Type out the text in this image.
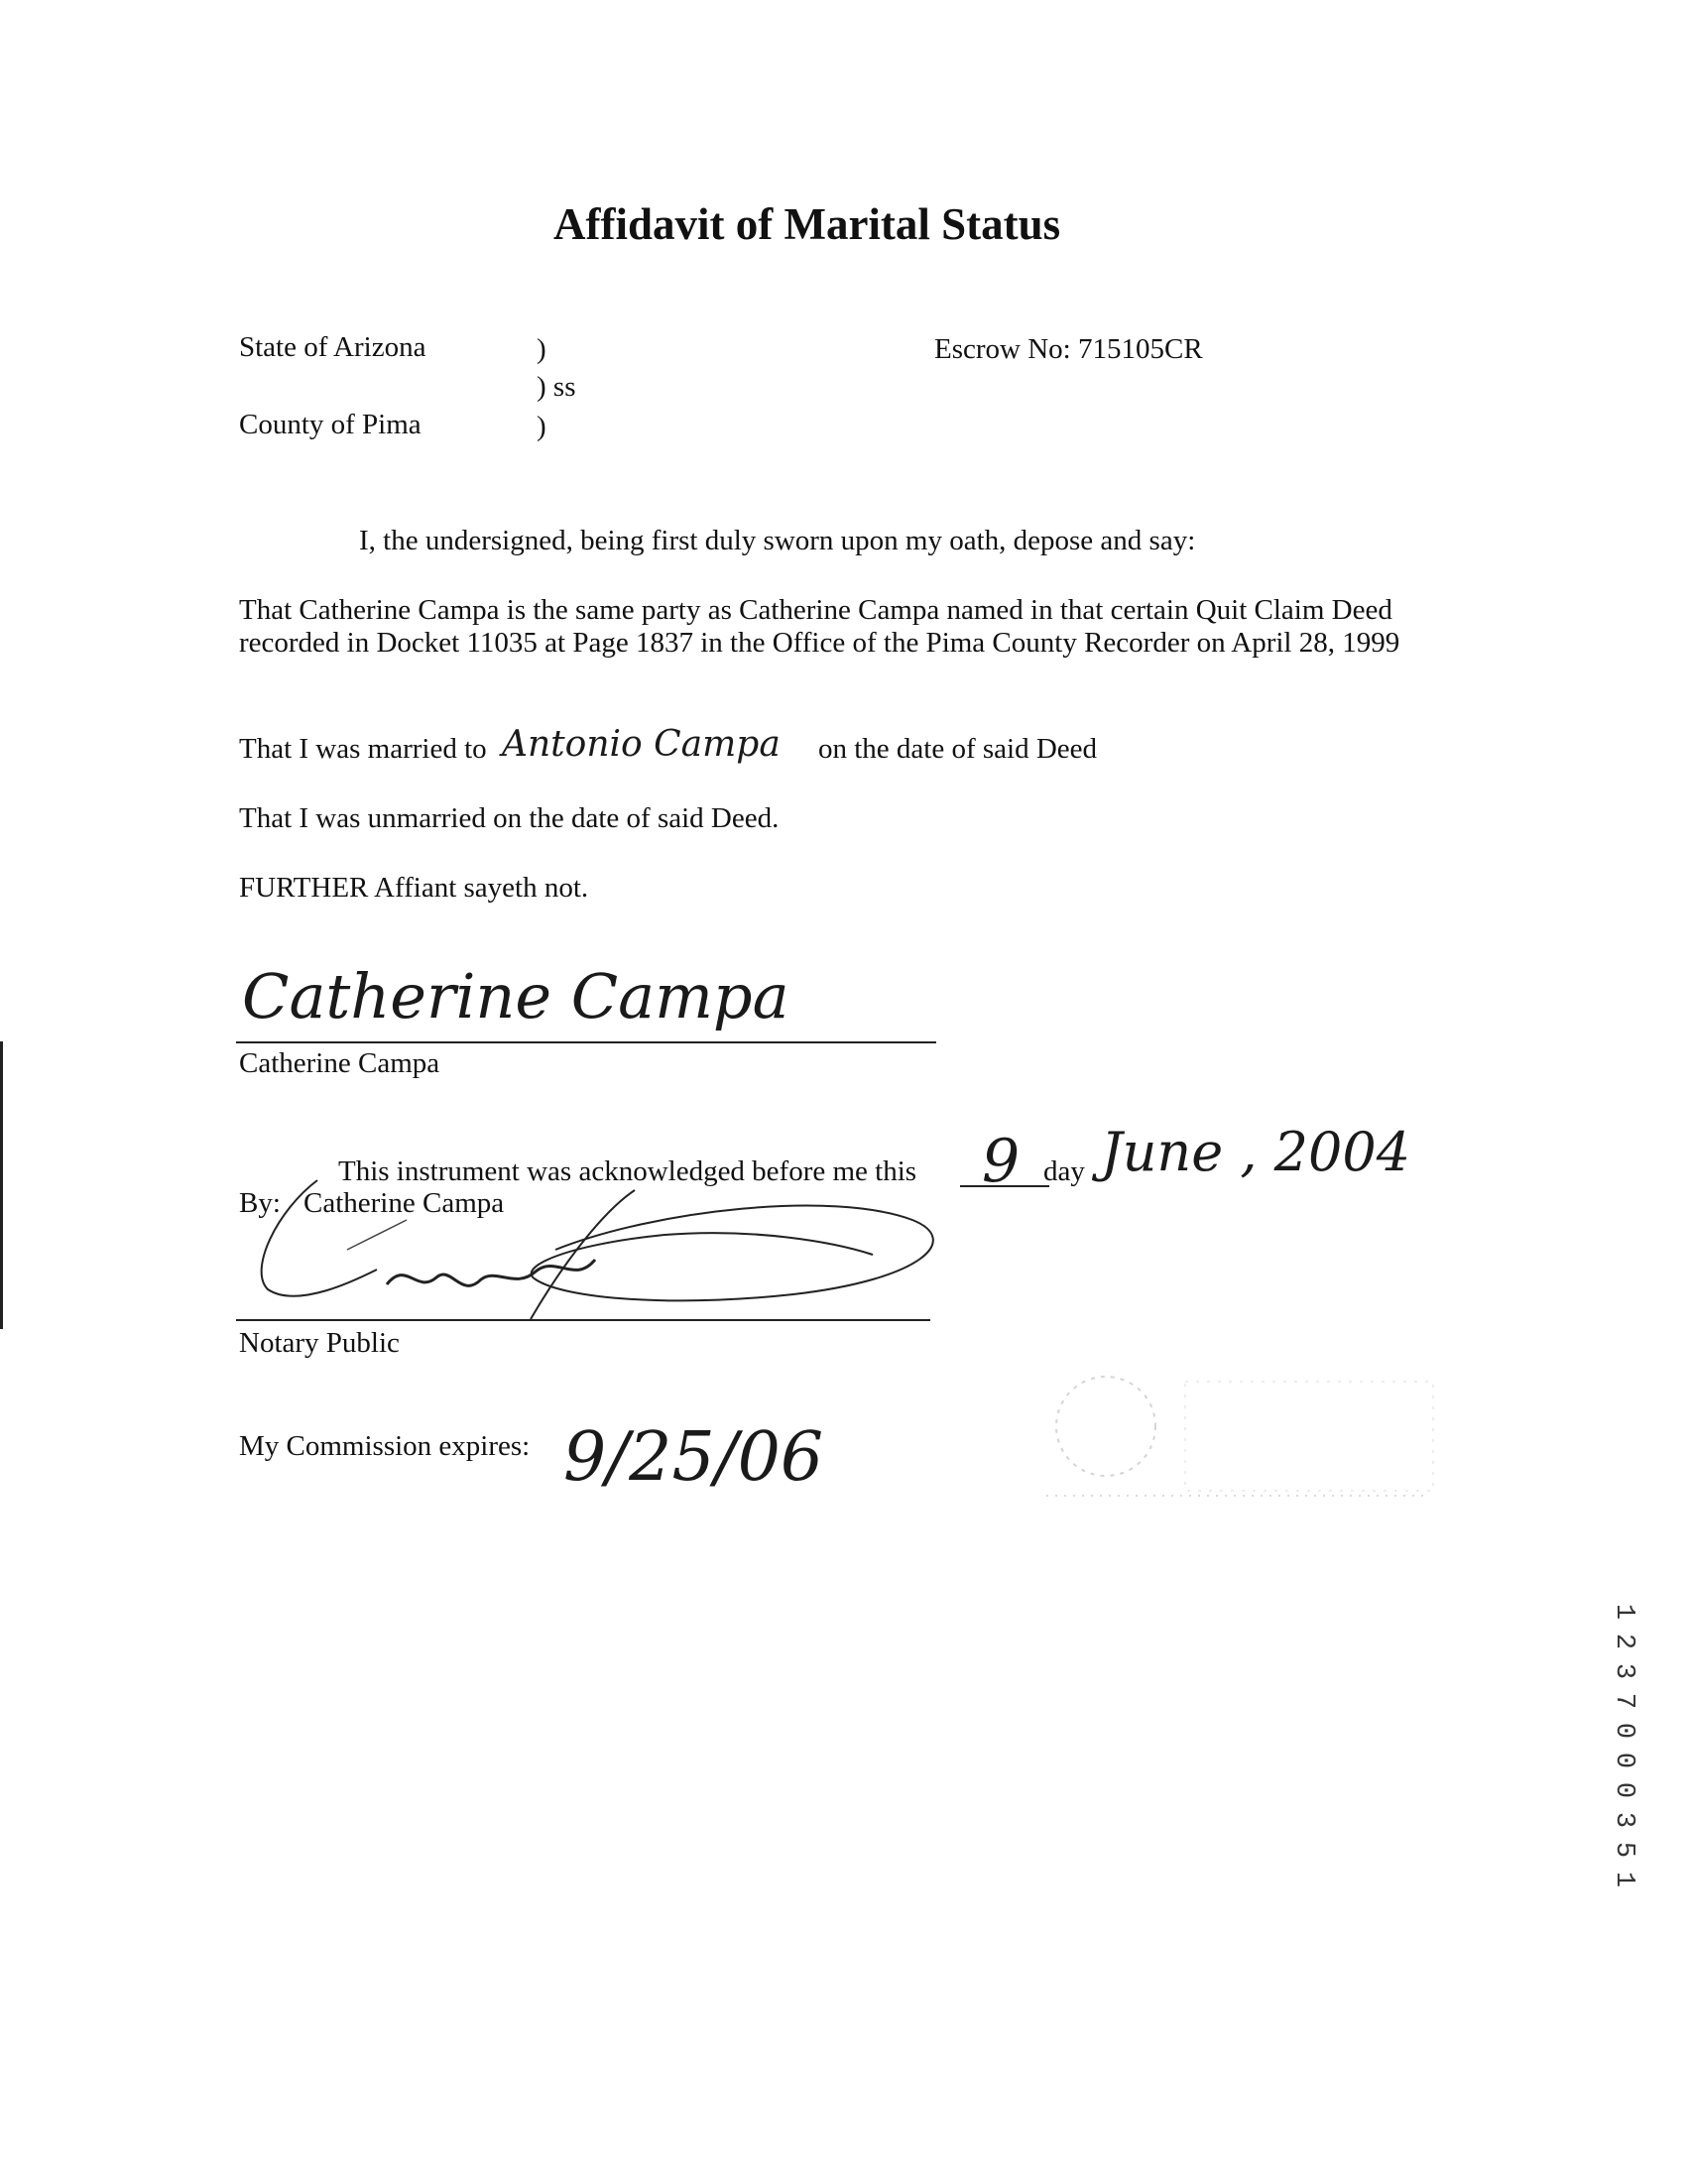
Affidavit of Marital Status
State of Arizona	)
) ss
County of Pima	)
Escrow No: 715105CR
I, the undersigned, being first duly sworn upon my oath, depose and say:
That Catherine Campa is the same party as Catherine Campa named in that certain Quit Claim Deed recorded in Docket 11035 at Page 1837 in the Office of the Pima County Recorder on April 28, 1999
That I was married to Antonio Campa on the date of said Deed
That I was unmarried on the date of said Deed.
FURTHER Affiant sayeth not.
Catherine Campa
Catherine Campa
This instrument was acknowledged before me this 9 day June , 2004
By: Catherine Campa
Notary Public
My Commission expires: 9/25/06
1
2
3
7
0
0
0
3
5
1
